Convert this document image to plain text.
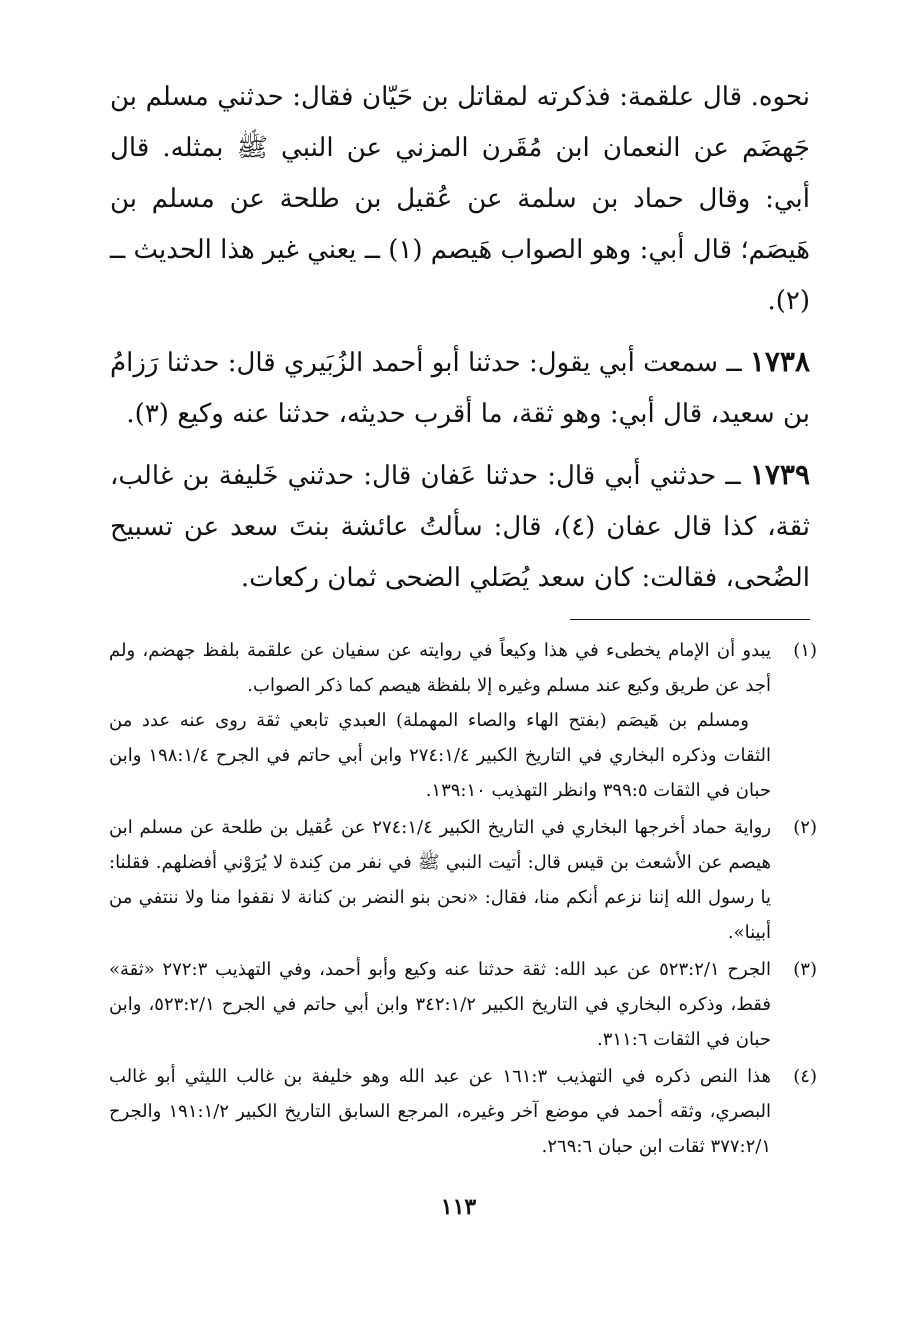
نحوه. قال علقمة: فذكرته لمقاتل بن حَيّان فقال: حدثني مسلم بن جَهضَم عن النعمان ابن مُقَرن المزني عن النبي ﷺ بمثله. قال أبي: وقال حماد بن سلمة عن عُقيل بن طلحة عن مسلم بن هَيصَم؛ قال أبي: وهو الصواب هَيصم (١) ــ يعني غير هذا الحديث ــ (٢).

١٧٣٨ ــ سمعت أبي يقول: حدثنا أبو أحمد الزُبَيري قال: حدثنا رَزامُ بن سعيد، قال أبي: وهو ثقة، ما أقرب حديثه، حدثنا عنه وكيع (٣).

١٧٣٩ ــ حدثني أبي قال: حدثنا عَفان قال: حدثني خَليفة بن غالب، ثقة، كذا قال عفان (٤)، قال: سألتُ عائشة بنتَ سعد عن تسبيح الضُحى، فقالت: كان سعد يُصَلي الضحى ثمان ركعات.

(١)

يبدو أن الإمام يخطىء في هذا وكيعاً في روايته عن سفيان عن علقمة بلفظ جهضم، ولم أجد عن طريق وكيع عند مسلم وغيره إلا بلفظة هيصم كما ذكر الصواب.

ومسلم بن هَيصَم (بفتح الهاء والصاء المهملة) العبدي تابعي ثقة روى عنه عدد من الثقات وذكره البخاري في التاريخ الكبير ٢٧٤:١/٤ وابن أبي حاتم في الجرح ١٩٨:١/٤ وابن حبان في الثقات ٣٩٩:٥ وانظر التهذيب ١٣٩:١٠.

(٢)

رواية حماد أخرجها البخاري في التاريخ الكبير ٢٧٤:١/٤ عن عُقيل بن طلحة عن مسلم ابن هيصم عن الأشعث بن قيس قال: أتيت النبي ﷺ في نفر من كِندة لا يُرَوْني أفضلهم. فقلنا: يا رسول الله إننا نزعم أنكم منا، فقال: «نحن بنو النضر بن كنانة لا نقفوا منا ولا ننتفي من أبينا».

(٣)

الجرح ٥٢٣:٢/١ عن عبد الله: ثقة حدثنا عنه وكيع وأبو أحمد، وفي التهذيب ٢٧٢:٣ «ثقة» فقط، وذكره البخاري في التاريخ الكبير ٣٤٢:١/٢ وابن أبي حاتم في الجرح ٥٢٣:٢/١، وابن حبان في الثقات ٣١١:٦.

(٤)

هذا النص ذكره في التهذيب ١٦١:٣ عن عبد الله وهو خليفة بن غالب الليثي أبو غالب البصري، وثقه أحمد في موضع آخر وغيره، المرجع السابق التاريخ الكبير ١٩١:١/٢ والجرح ٣٧٧:٢/١ ثقات ابن حبان ٢٦٩:٦.

١١٣
